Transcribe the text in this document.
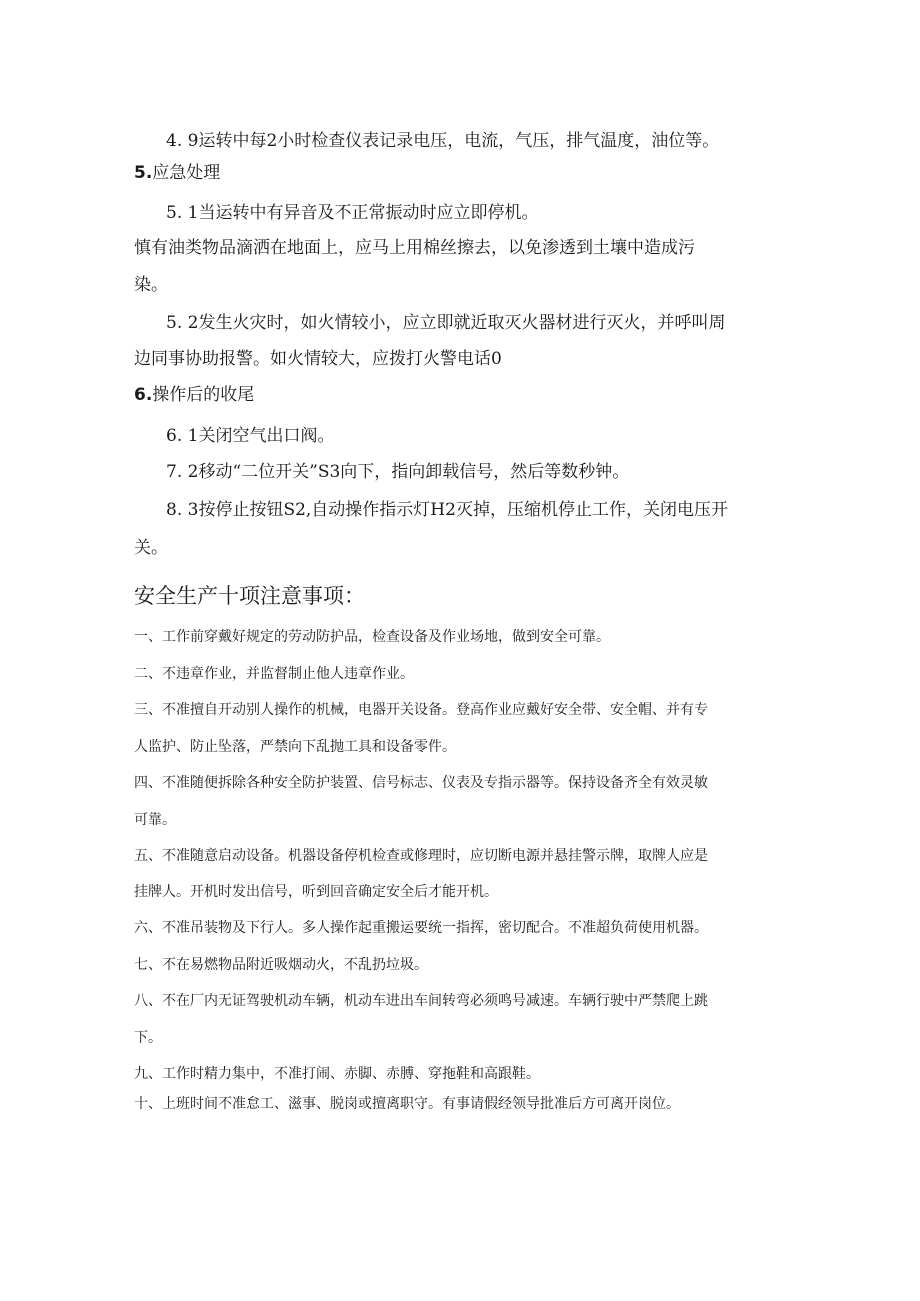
4. 9运转中每2小时检查仪表记录电压，电流，气压，排气温度，油位等。
5.应急处理
5. 1当运转中有异音及不正常振动时应立即停机。
慎有油类物品滴洒在地面上，应马上用棉丝擦去，以免渗透到土壤中造成污
染。
5. 2发生火灾时，如火情较小，应立即就近取灭火器材进行灭火，并呼叫周
边同事协助报警。如火情较大，应拨打火警电话0
6.操作后的收尾
6. 1关闭空气出口阀。
7. 2移动“二位开关”S3向下，指向卸载信号，然后等数秒钟。
8. 3按停止按钮S2,自动操作指示灯H2灭掉，压缩机停止工作，关闭电压开
关。
安全生产十项注意事项：
一、工作前穿戴好规定的劳动防护品，检查设备及作业场地，做到安全可靠。
二、不违章作业，并监督制止他人违章作业。
三、不准擅自开动别人操作的机械，电器开关设备。登高作业应戴好安全带、安全帽、并有专
人监护、防止坠落，严禁向下乱抛工具和设备零件。
四、不准随便拆除各种安全防护装置、信号标志、仪表及专指示器等。保持设备齐全有效灵敏
可靠。
五、不准随意启动设备。机器设备停机检查或修理时，应切断电源并悬挂警示牌，取牌人应是
挂牌人。开机时发出信号，听到回音确定安全后才能开机。
六、不准吊装物及下行人。多人操作起重搬运要统一指挥，密切配合。不准超负荷使用机器。
七、不在易燃物品附近吸烟动火，不乱扔垃圾。
八、不在厂内无证驾驶机动车辆，机动车进出车间转弯必须鸣号减速。车辆行驶中严禁爬上跳
下。
九、工作时精力集中，不准打闹、赤脚、赤膊、穿拖鞋和高跟鞋。
十、上班时间不准怠工、滋事、脱岗或擅离职守。有事请假经领导批准后方可离开岗位。
